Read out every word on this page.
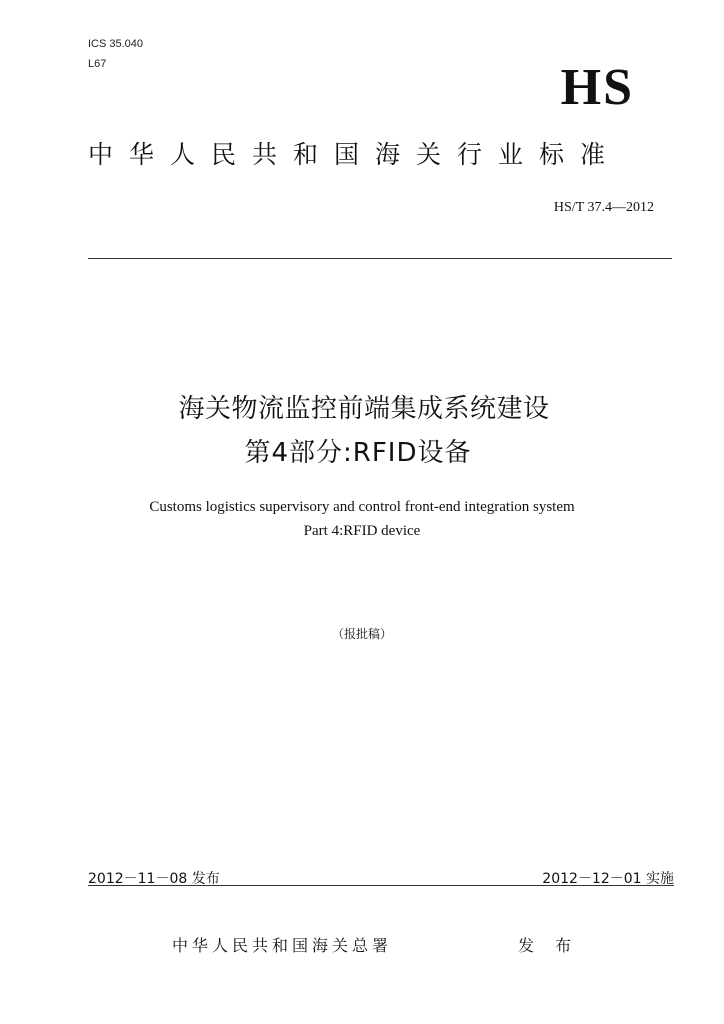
ICS 35.040
L67	HS
中华人民共和国海关行业标准
HS/T 37.4—2012
海关物流监控前端集成系统建设
第4部分:RFID设备
Customs logistics supervisory and control front-end integration system
Part 4:RFID device
（报批稿）
2012－11－08 发布	2012－12－01 实施
中华人民共和国海关总署	发 布
